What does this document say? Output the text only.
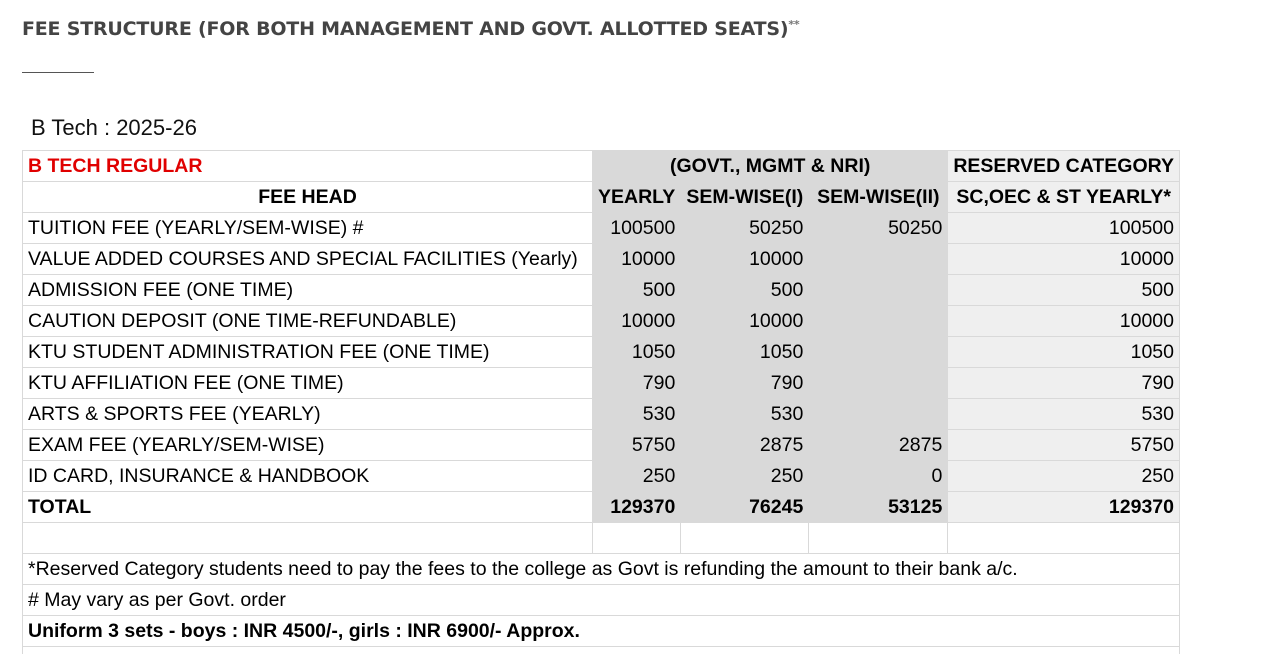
FEE STRUCTURE (FOR BOTH MANAGEMENT AND GOVT. ALLOTTED SEATS)**
B Tech : 2025-26
B TECH REGULAR	(GOVT., MGMT & NRI)			RESERVED CATEGORY
FEE HEAD	YEARLY	SEM-WISE(I)	SEM-WISE(II)	SC,OEC & ST YEARLY*
TUITION FEE (YEARLY/SEM-WISE) #	100500	50250	50250	100500
VALUE ADDED COURSES AND SPECIAL FACILITIES (Yearly)	10000	10000		10000
ADMISSION FEE (ONE TIME)	500	500		500
CAUTION DEPOSIT (ONE TIME-REFUNDABLE)	10000	10000		10000
KTU STUDENT ADMINISTRATION FEE (ONE TIME)	1050	1050		1050
KTU AFFILIATION FEE (ONE TIME)	790	790		790
ARTS & SPORTS FEE (YEARLY)	530	530		530
EXAM FEE (YEARLY/SEM-WISE)	5750	2875	2875	5750
ID CARD, INSURANCE & HANDBOOK	250	250	0	250
TOTAL	129370	76245	53125	129370

*Reserved Category students need to pay the fees to the college as Govt is refunding the amount to their bank a/c.				
# May vary as per Govt. order				
Uniform 3 sets - boys : INR 4500/-, girls : INR 6900/- Approx.				
